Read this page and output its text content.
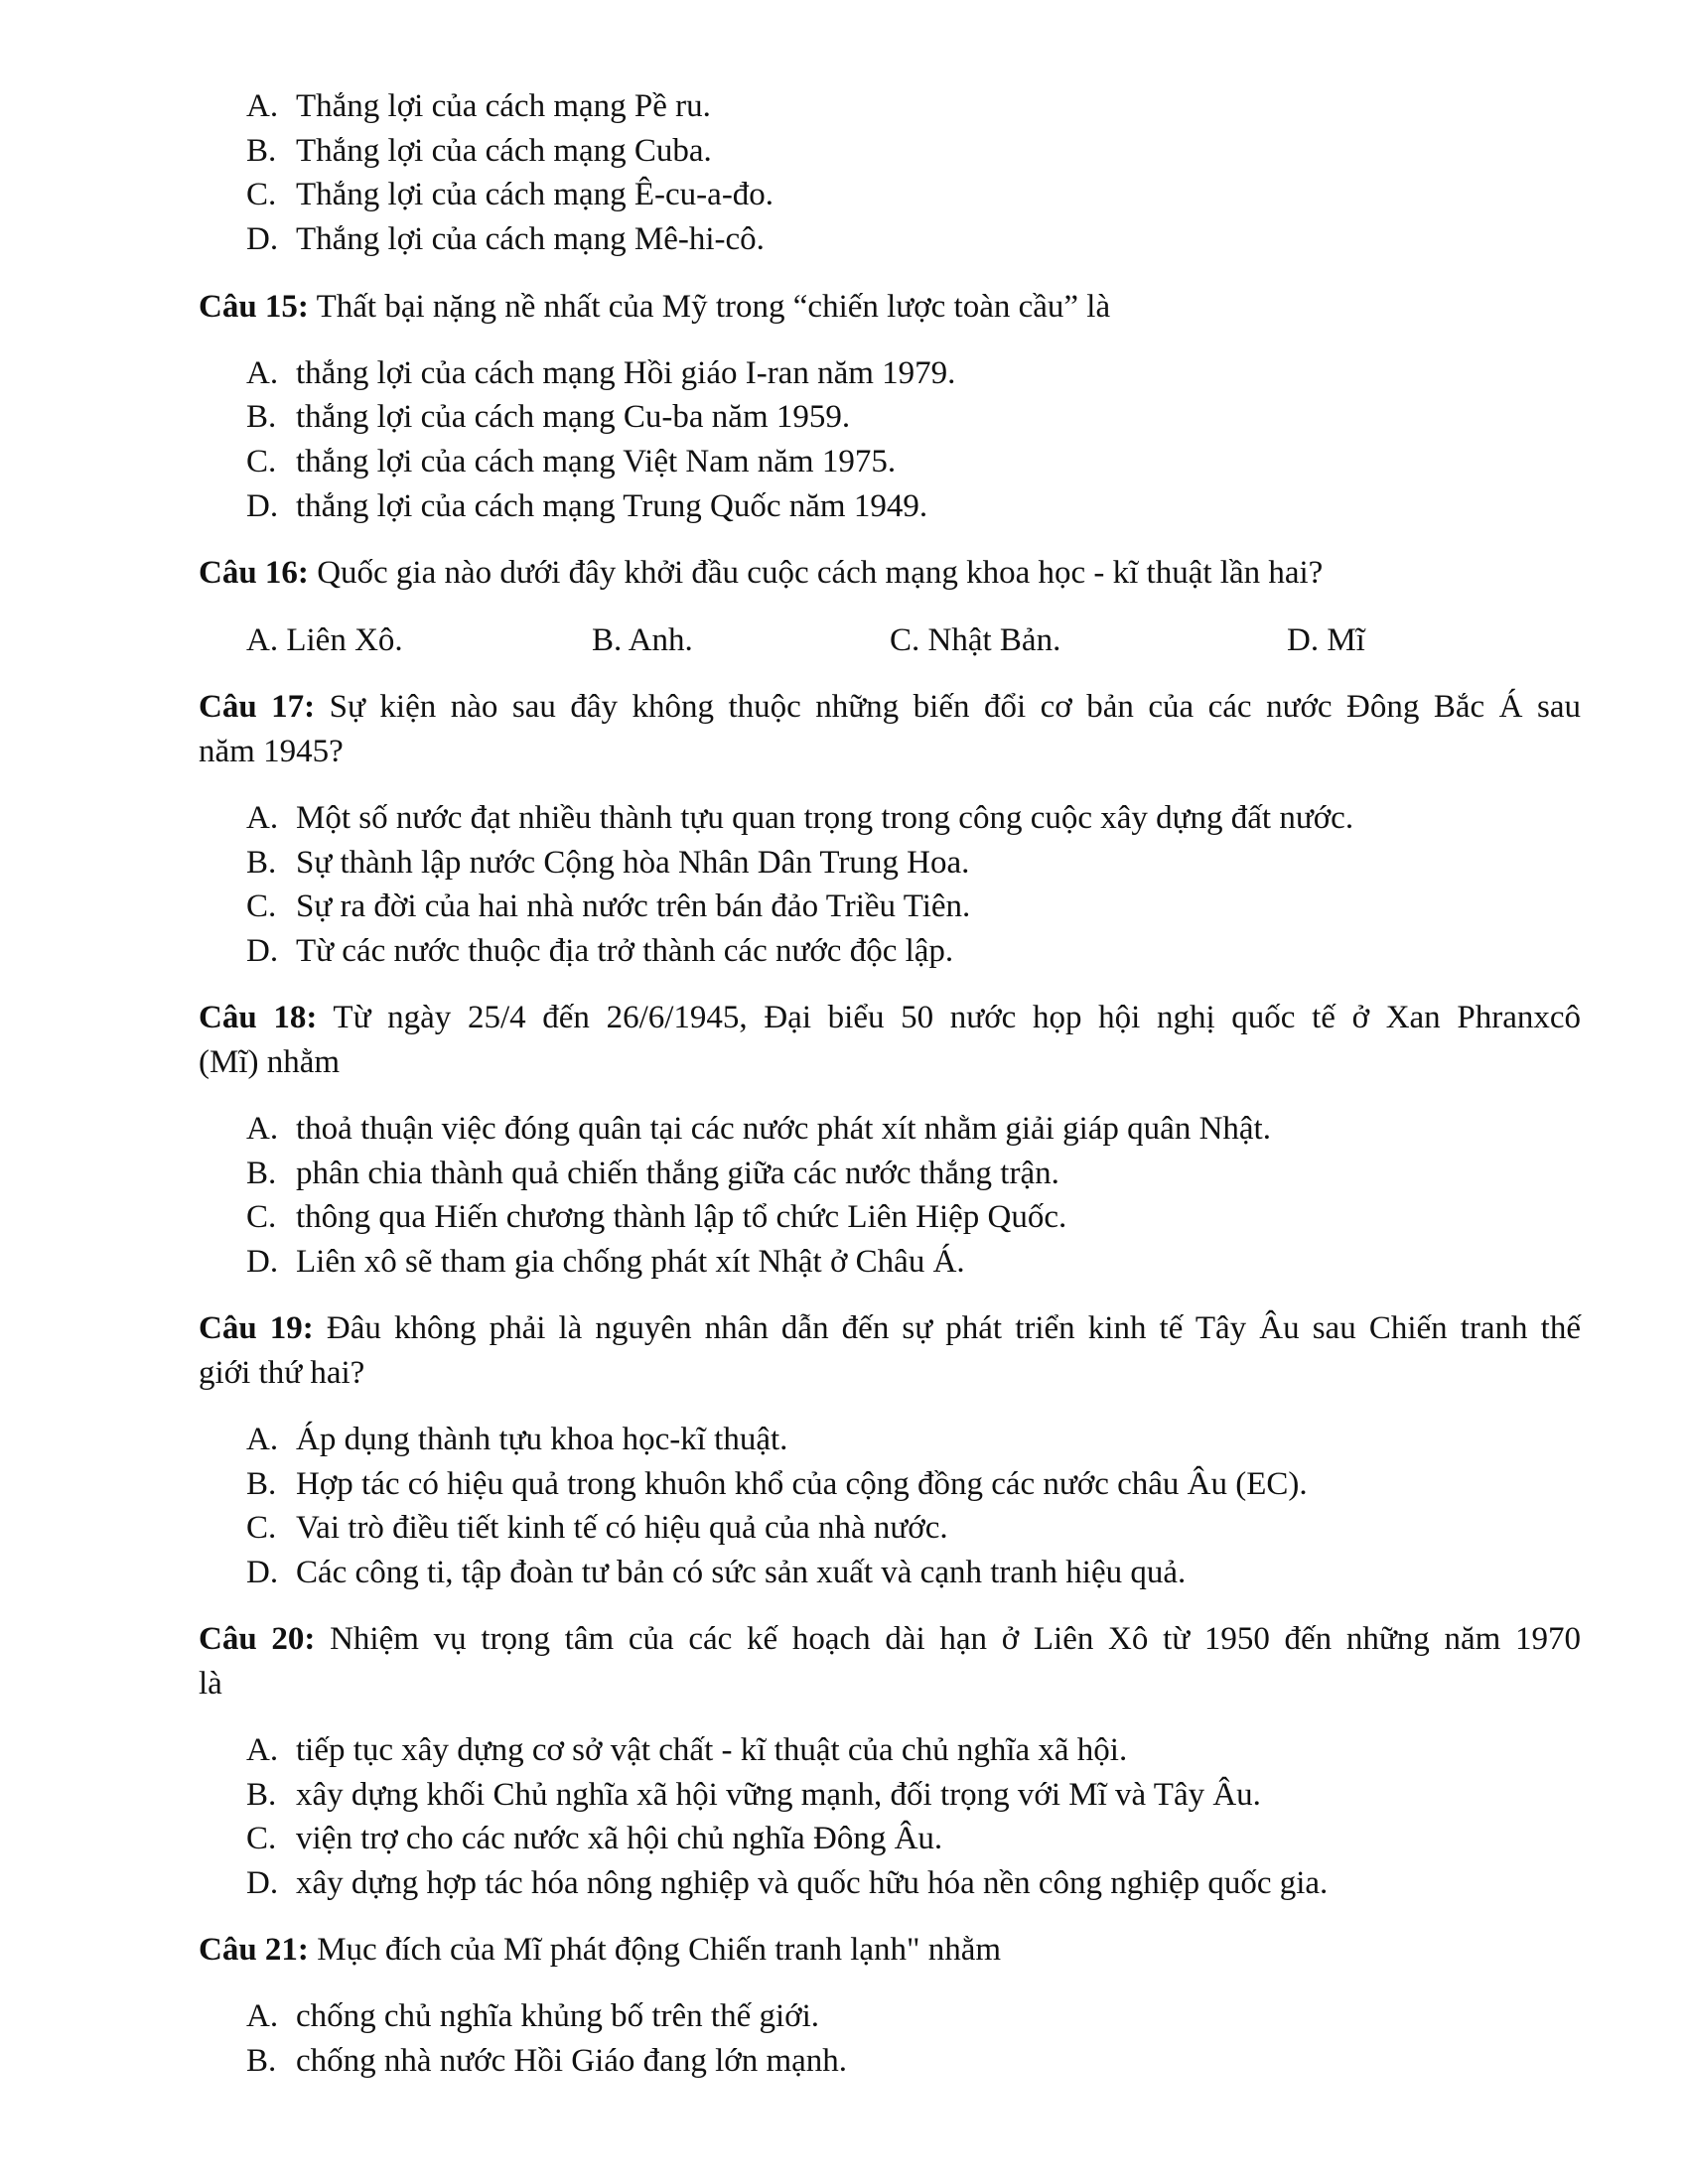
A. Thắng lợi của cách mạng Pề ru.
B. Thắng lợi của cách mạng Cuba.
C. Thắng lợi của cách mạng Ê-cu-a-đo.
D. Thắng lợi của cách mạng Mê-hi-cô.
Câu 15: Thất bại nặng nề nhất của Mỹ trong “chiến lược toàn cầu” là
A. thắng lợi của cách mạng Hồi giáo I-ran năm 1979.
B. thắng lợi của cách mạng Cu-ba năm 1959.
C. thắng lợi của cách mạng Việt Nam năm 1975.
D. thắng lợi của cách mạng Trung Quốc năm 1949.
Câu 16: Quốc gia nào dưới đây khởi đầu cuộc cách mạng khoa học - kĩ thuật lần hai?
A. Liên Xô.	B. Anh.	C. Nhật Bản.	D. Mĩ
Câu 17: Sự kiện nào sau đây không thuộc những biến đổi cơ bản của các nước Đông Bắc Á sau
năm 1945?
A. Một số nước đạt nhiều thành tựu quan trọng trong công cuộc xây dựng đất nước.
B. Sự thành lập nước Cộng hòa Nhân Dân Trung Hoa.
C. Sự ra đời của hai nhà nước trên bán đảo Triều Tiên.
D. Từ các nước thuộc địa trở thành các nước độc lập.
Câu 18: Từ ngày 25/4 đến 26/6/1945, Đại biểu 50 nước họp hội nghị quốc tế ở Xan Phranxcô
(Mĩ) nhằm
A. thoả thuận việc đóng quân tại các nước phát xít nhằm giải giáp quân Nhật.
B. phân chia thành quả chiến thắng giữa các nước thắng trận.
C. thông qua Hiến chương thành lập tổ chức Liên Hiệp Quốc.
D. Liên xô sẽ tham gia chống phát xít Nhật ở Châu Á.
Câu 19: Đâu không phải là nguyên nhân dẫn đến sự phát triển kinh tế Tây Âu sau Chiến tranh thế
giới thứ hai?
A. Áp dụng thành tựu khoa học-kĩ thuật.
B. Hợp tác có hiệu quả trong khuôn khổ của cộng đồng các nước châu Âu (EC).
C. Vai trò điều tiết kinh tế có hiệu quả của nhà nước.
D. Các công ti, tập đoàn tư bản có sức sản xuất và cạnh tranh hiệu quả.
Câu 20: Nhiệm vụ trọng tâm của các kế hoạch dài hạn ở Liên Xô từ 1950 đến những năm 1970
là
A. tiếp tục xây dựng cơ sở vật chất - kĩ thuật của chủ nghĩa xã hội.
B. xây dựng khối Chủ nghĩa xã hội vững mạnh, đối trọng với Mĩ và Tây Âu.
C. viện trợ cho các nước xã hội chủ nghĩa Đông Âu.
D. xây dựng hợp tác hóa nông nghiệp và quốc hữu hóa nền công nghiệp quốc gia.
Câu 21: Mục đích của Mĩ phát động Chiến tranh lạnh" nhằm
A. chống chủ nghĩa khủng bố trên thế giới.
B. chống nhà nước Hồi Giáo đang lớn mạnh.
